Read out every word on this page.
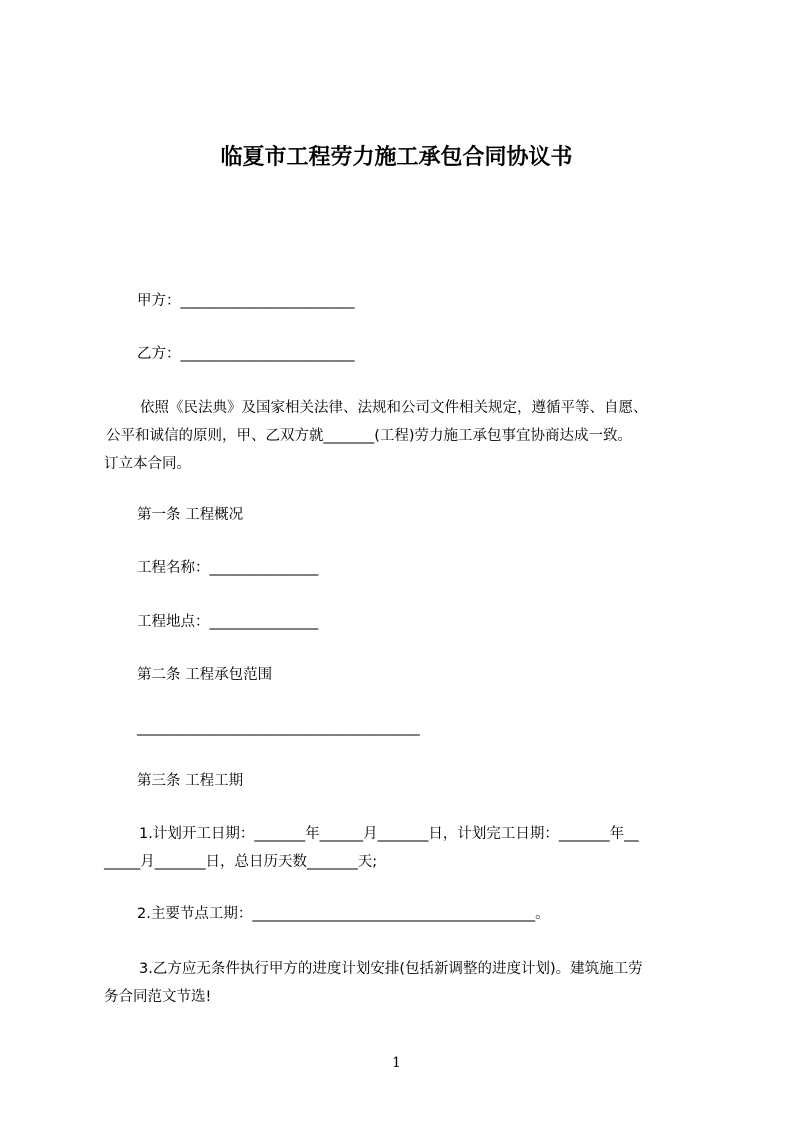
临夏市工程劳力施工承包合同协议书
甲方：________________________
乙方：________________________
依照《民法典》及国家相关法律、法规和公司文件相关规定，遵循平等、自愿、
公平和诚信的原则，甲、乙双方就_______(工程)劳力施工承包事宜协商达成一致。
订立本合同。
第一条 工程概况
工程名称：_______________
工程地点：_______________
第二条 工程承包范围
_______________________________________
第三条 工程工期
1.计划开工日期：_______年______月_______日，计划完工日期：_______年__
_____月_______日，总日历天数_______天;
2.主要节点工期：_______________________________________。
3.乙方应无条件执行甲方的进度计划安排(包括新调整的进度计划)。建筑施工劳
务合同范文节选!
1
